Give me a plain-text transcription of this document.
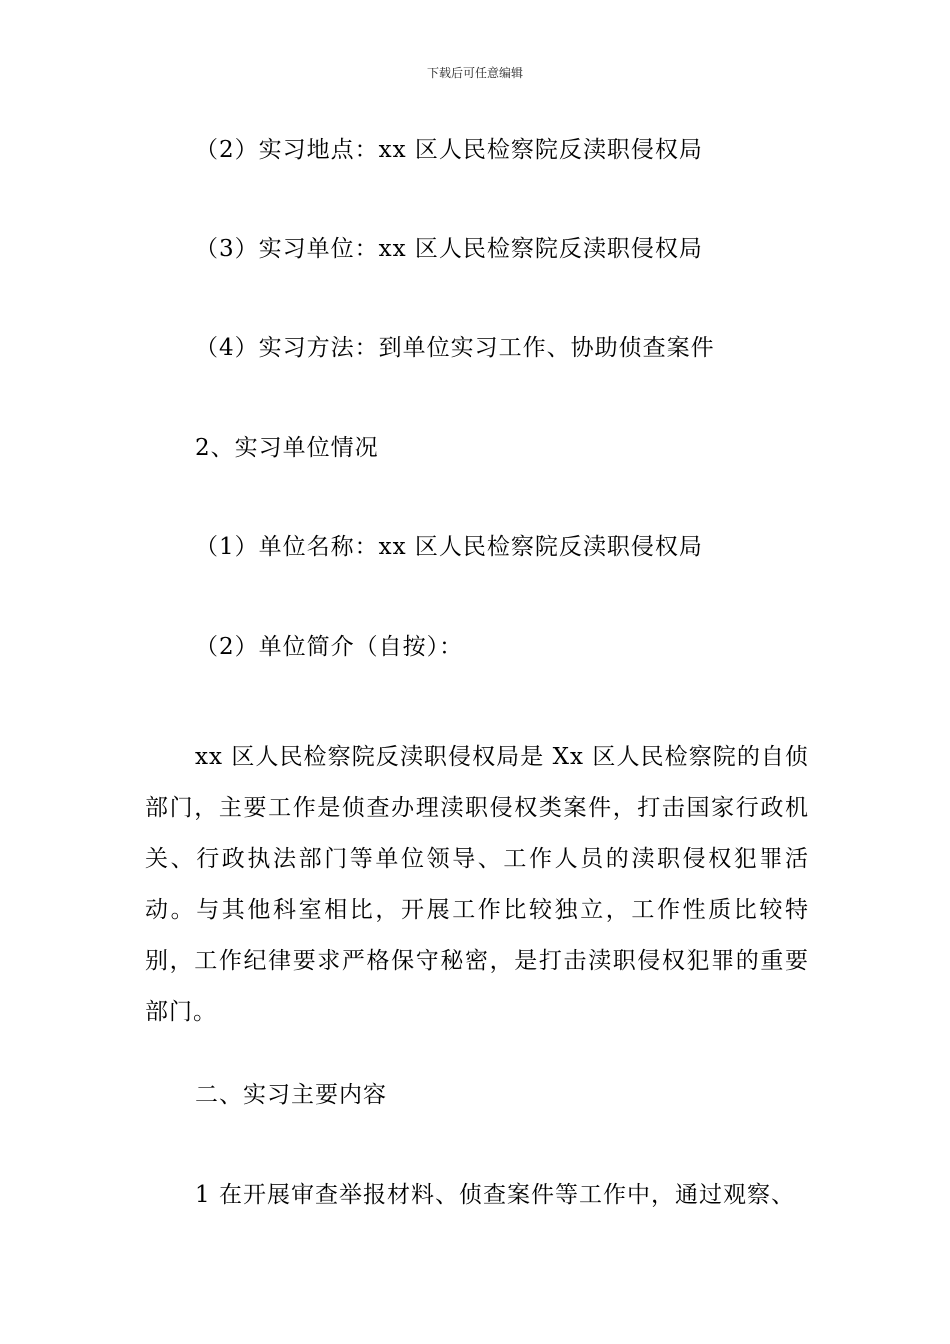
下载后可任意编辑
（2）实习地点：xx 区人民检察院反渎职侵权局
（3）实习单位：xx 区人民检察院反渎职侵权局
（4）实习方法：到单位实习工作、协助侦查案件
2、实习单位情况
（1）单位名称：xx 区人民检察院反渎职侵权局
（2）单位简介（自按）：
xx 区人民检察院反渎职侵权局是 Xx 区人民检察院的自侦部门，主要工作是侦查办理渎职侵权类案件，打击国家行政机关、行政执法部门等单位领导、工作人员的渎职侵权犯罪活动。与其他科室相比，开展工作比较独立，工作性质比较特别，工作纪律要求严格保守秘密，是打击渎职侵权犯罪的重要部门。
二、实习主要内容
1 在开展审查举报材料、侦查案件等工作中，通过观察、
